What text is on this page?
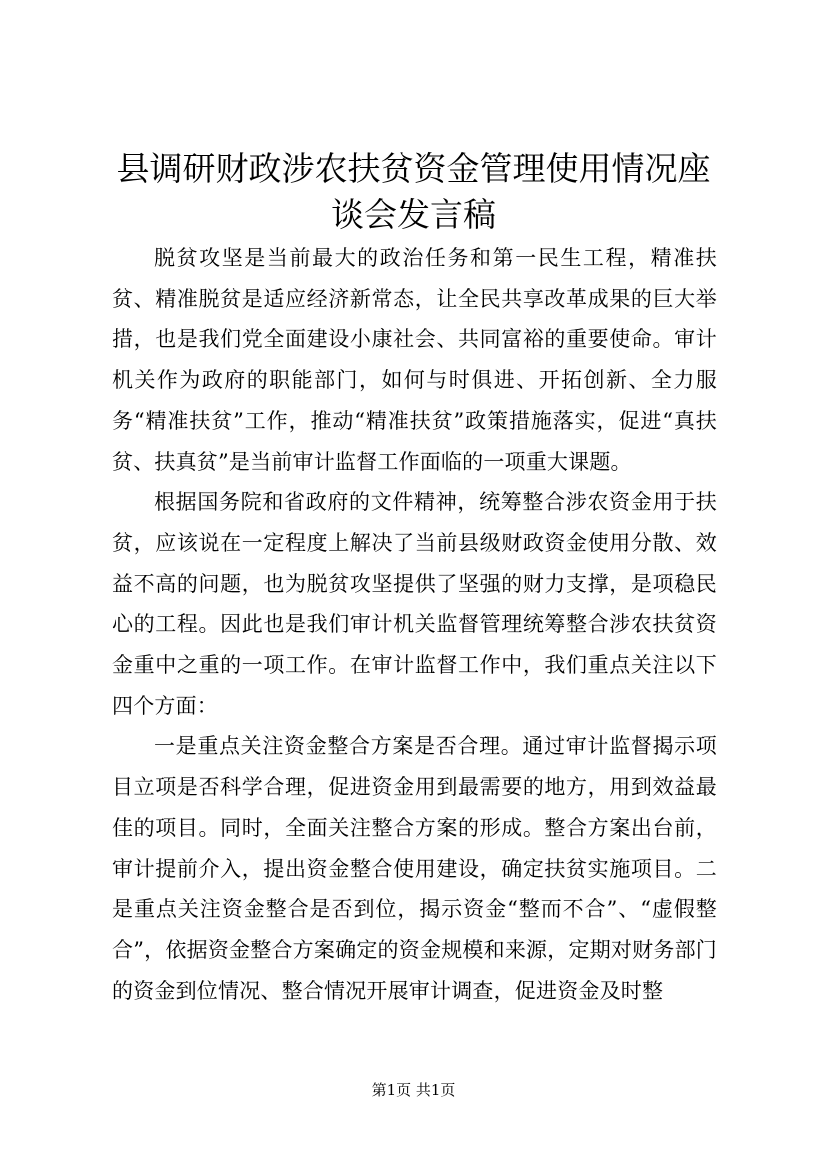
县调研财政涉农扶贫资金管理使用情况座谈会发言稿

脱贫攻坚是当前最大的政治任务和第一民生工程，精准扶贫、精准脱贫是适应经济新常态，让全民共享改革成果的巨大举措，也是我们党全面建设小康社会、共同富裕的重要使命。审计机关作为政府的职能部门，如何与时俱进、开拓创新、全力服务“精准扶贫”工作，推动“精准扶贫”政策措施落实，促进“真扶贫、扶真贫”是当前审计监督工作面临的一项重大课题。

根据国务院和省政府的文件精神，统筹整合涉农资金用于扶贫，应该说在一定程度上解决了当前县级财政资金使用分散、效益不高的问题，也为脱贫攻坚提供了坚强的财力支撑，是项稳民心的工程。因此也是我们审计机关监督管理统筹整合涉农扶贫资金重中之重的一项工作。在审计监督工作中，我们重点关注以下四个方面：

一是重点关注资金整合方案是否合理。通过审计监督揭示项目立项是否科学合理，促进资金用到最需要的地方，用到效益最佳的项目。同时，全面关注整合方案的形成。整合方案出台前，审计提前介入，提出资金整合使用建设，确定扶贫实施项目。二是重点关注资金整合是否到位，揭示资金“整而不合”、“虚假整合”，依据资金整合方案确定的资金规模和来源，定期对财务部门的资金到位情况、整合情况开展审计调查，促进资金及时整

第1页 共1页
